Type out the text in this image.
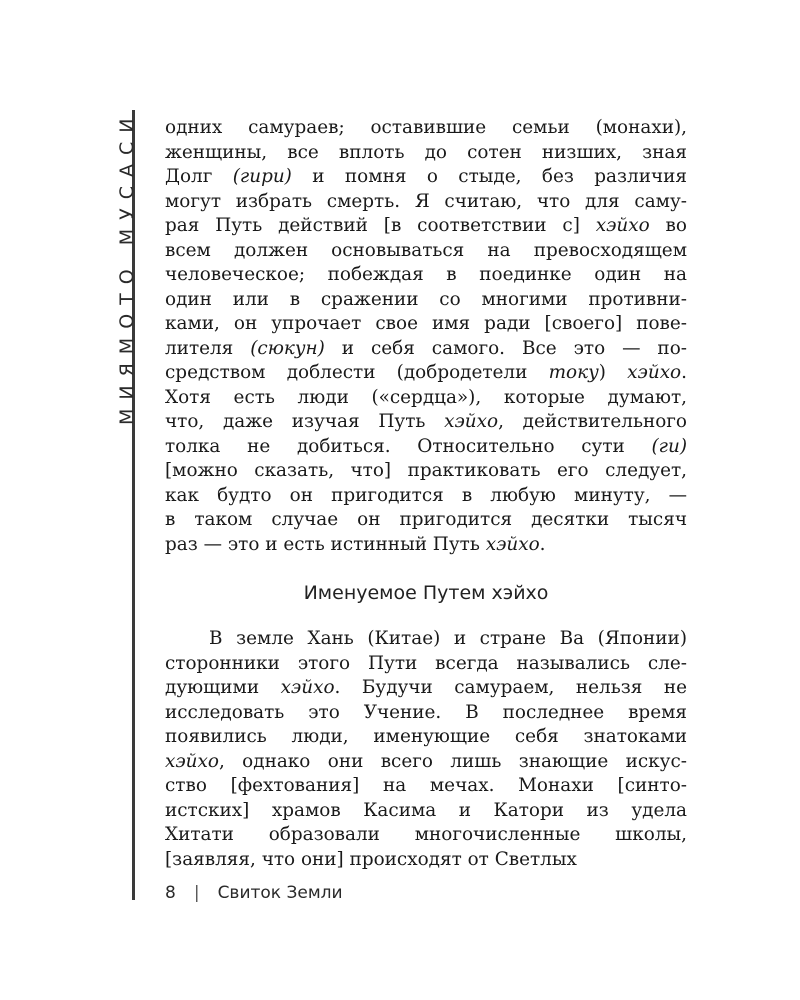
МИЯМОТО МУСАСИ одних самураев; оставившие семьи (монахи),
женщины, все вплоть до сотен низших, зная
Долг (гири) и помня о стыде, без различия
могут избрать смерть. Я считаю, что для саму-
рая Путь действий [в соответствии с] хэйхо во
всем должен основываться на превосходящем
человеческое; побеждая в поединке один на
один или в сражении со многими противни-
ками, он упрочает свое имя ради [своего] пове-
лителя (сюкун) и себя самого. Все это — по-
средством доблести (добродетели току) хэйхо.
Хотя есть люди («сердца»), которые думают,
что, даже изучая Путь хэйхо, действительного
толка не добиться. Относительно сути (ги)
[можно сказать, что] практиковать его следует,
как будто он пригодится в любую минуту, —
в таком случае он пригодится десятки тысяч
раз — это и есть истинный Путь хэйхо.
Именуемое Путем хэйхо
В земле Хань (Китае) и стране Ва (Японии)
сторонники этого Пути всегда назывались сле-
дующими хэйхо. Будучи самураем, нельзя не
исследовать это Учение. В последнее время
появились люди, именующие себя знатоками
хэйхо, однако они всего лишь знающие искус-
ство [фехтования] на мечах. Монахи [синто-
истских] храмов Касима и Катори из удела
Хитати образовали многочисленные школы,
[заявляя, что они] происходят от Светлых
8 | Свиток Земли
